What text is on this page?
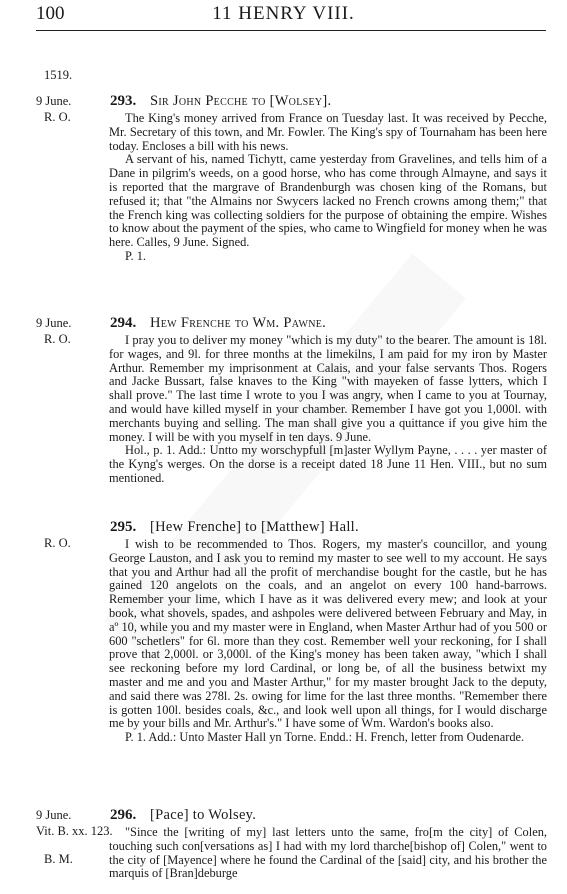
100	11 HENRY VIII.
1519.
9 June.
R. O.
293. Sir John Pecche to [Wolsey].

The King's money arrived from France on Tuesday last. It was received by Pecche, Mr. Secretary of this town, and Mr. Fowler. The King's spy of Tournaham has been here today. Encloses a bill with his news.

A servant of his, named Tichytt, came yesterday from Gravelines, and tells him of a Dane in pilgrim's weeds, on a good horse, who has come through Almayne, and says it is reported that the margrave of Brandenburgh was chosen king of the Romans, but refused it; that "the Almains nor Swycers lacked no French crowns among them;" that the French king was collecting soldiers for the purpose of obtaining the empire. Wishes to know about the payment of the spies, who came to Wingfield for money when he was here. Calles, 9 June. Signed.

P. 1.

9 June.
R. O.
294. Hew Frenche to Wm. Pawne.

I pray you to deliver my money "which is my duty" to the bearer. The amount is 18l. for wages, and 9l. for three months at the limekilns, I am paid for my iron by Master Arthur. Remember my imprisonment at Calais, and your false servants Thos. Rogers and Jacke Bussart, false knaves to the King "with mayeken of fasse lytters, which I shall prove." The last time I wrote to you I was angry, when I came to you at Tournay, and would have killed myself in your chamber. Remember I have got you 1,000l. with merchants buying and selling. The man shall give you a quittance if you give him the money. I will be with you myself in ten days. 9 June.

Hol., p. 1. Add.: Untto my worschypfull [m]aster Wyllym Payne, . . . . yer master of the Kyng's werges. On the dorse is a receipt dated 18 June 11 Hen. VIII., but no sum mentioned.

R. O.
295. [Hew Frenche] to [Matthew] Hall.

I wish to be recommended to Thos. Rogers, my master's councillor, and young George Lauston, and I ask you to remind my master to see well to my account. He says that you and Arthur had all the profit of merchandise bought for the castle, but he has gained 120 angelots on the coals, and an angelot on every 100 hand-barrows. Remember your lime, which I have as it was delivered every mew; and look at your book, what shovels, spades, and ashpoles were delivered between February and May, in aº 10, while you and my master were in England, when Master Arthur had of you 500 or 600 "schetlers" for 6l. more than they cost. Remember well your reckoning, for I shall prove that 2,000l. or 3,000l. of the King's money has been taken away, "which I shall see reckoning before my lord Cardinal, or long be, of all the business betwixt my master and me and you and Master Arthur," for my master brought Jack to the deputy, and said there was 278l. 2s. owing for lime for the last three months. "Remember there is gotten 100l. besides coals, &c., and look well upon all things, for I would discharge me by your bills and Mr. Arthur's." I have some of Wm. Wardon's books also.

P. 1. Add.: Unto Master Hall yn Torne. Endd.: H. French, letter from Oudenarde.

9 June.
Vit. B. xx. 123.
B. M.
296. [Pace] to Wolsey.

"Since the [writing of my] last letters unto the same, fro[m the city] of Colen, touching such con[versations as] I had with my lord tharche[bishop of] Colen," went to the city of [Mayence] where he found the Cardinal of the [said] city, and his brother the marquis of [Bran]deburge
